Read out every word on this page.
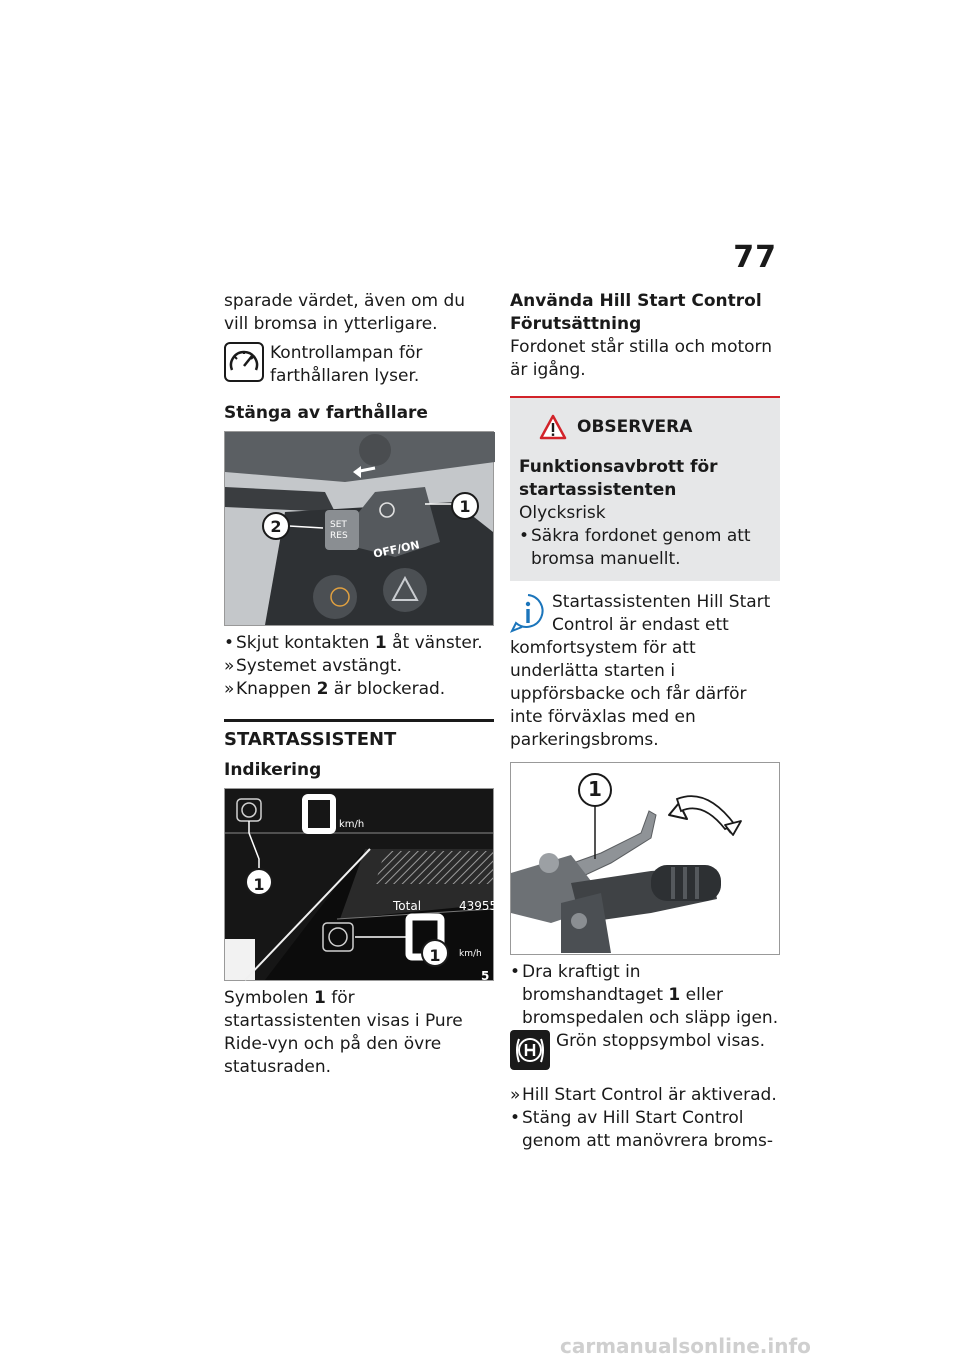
77

sparade värdet, även om du vill bromsa in ytterligare.

Kontrollampan för farthållaren lyser.

Stänga av farthållare

SET
RES
OFF/ON
1
2
• Skjut kontakten 1 åt vänster.
» Systemet avstängt.
» Knappen 2 är blockerad.

STARTASSISTENT

Indikering

km/h
km/h
Total	43955
1
1
5

Symbolen 1 för startassistenten visas i Pure Ride-vyn och på den övre statusraden.

Använda Hill Start Control

Förutsättning

Fordonet står stilla och motorn är igång.

OBSERVERA

Funktionsavbrott för startassistenten

Olycksrisk

• Säkra fordonet genom att bromsa manuellt.

Startassistenten Hill Start Control är endast ett komfortsystem för att underlätta starten i uppförsbacke och får därför inte förväxlas med en parkeringsbroms.

1
• Dra kraftigt in bromshandtaget 1 eller bromspedalen och släpp igen.

Grön stoppsymbol visas.

» Hill Start Control är aktiverad.
• Stäng av Hill Start Control genom att manövrera broms-
carmanualsonline.info
